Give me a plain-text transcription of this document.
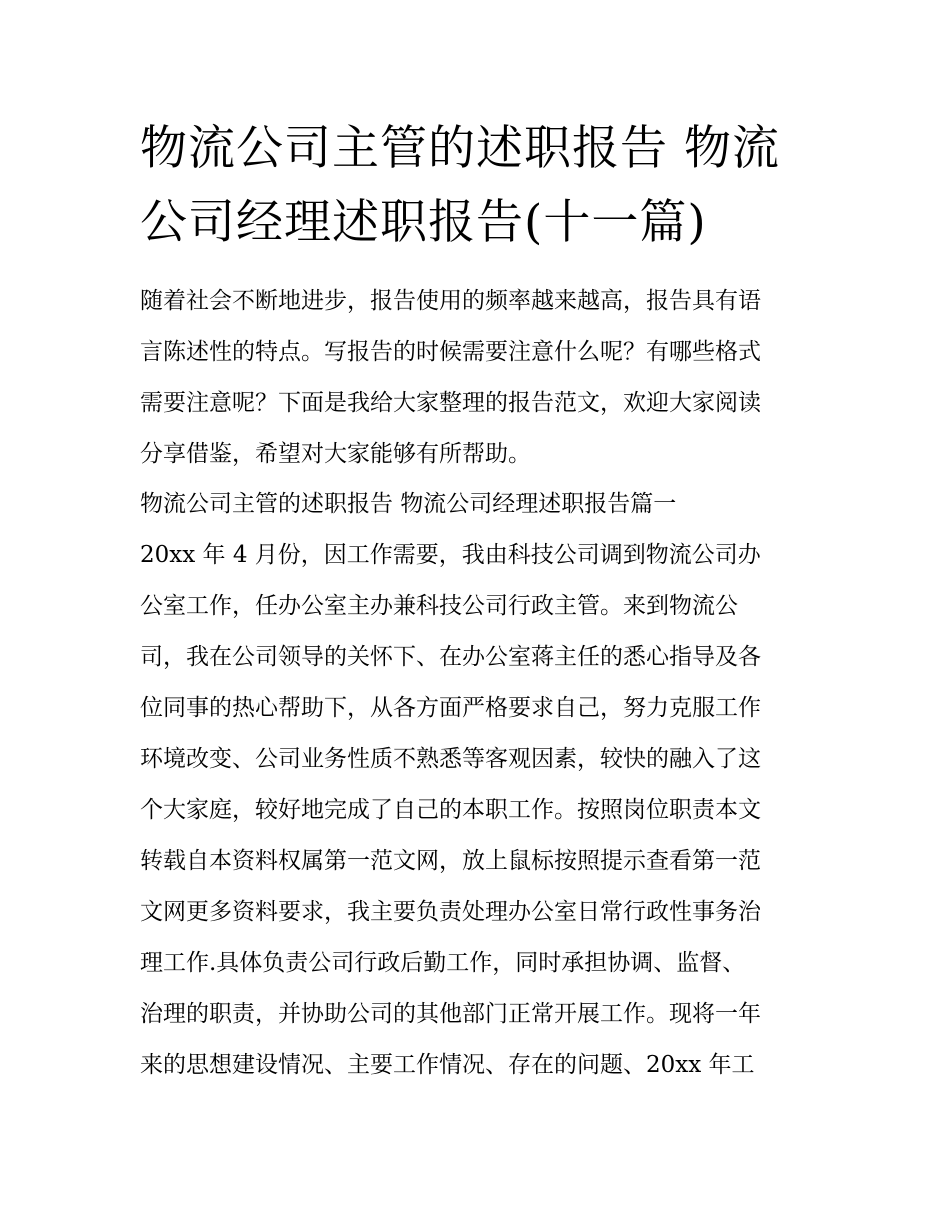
物流公司主管的述职报告 物流
公司经理述职报告(十一篇)
随着社会不断地进步，报告使用的频率越来越高，报告具有语
言陈述性的特点。写报告的时候需要注意什么呢？有哪些格式
需要注意呢？下面是我给大家整理的报告范文，欢迎大家阅读
分享借鉴，希望对大家能够有所帮助。
物流公司主管的述职报告 物流公司经理述职报告篇一
20xx 年 4 月份，因工作需要，我由科技公司调到物流公司办
公室工作，任办公室主办兼科技公司行政主管。来到物流公
司，我在公司领导的关怀下、在办公室蒋主任的悉心指导及各
位同事的热心帮助下，从各方面严格要求自己，努力克服工作
环境改变、公司业务性质不熟悉等客观因素，较快的融入了这
个大家庭，较好地完成了自己的本职工作。按照岗位职责本文
转载自本资料权属第一范文网，放上鼠标按照提示查看第一范
文网更多资料要求，我主要负责处理办公室日常行政性事务治
理工作.具体负责公司行政后勤工作，同时承担协调、监督、
治理的职责，并协助公司的其他部门正常开展工作。现将一年
来的思想建设情况、主要工作情况、存在的问题、20xx 年工
